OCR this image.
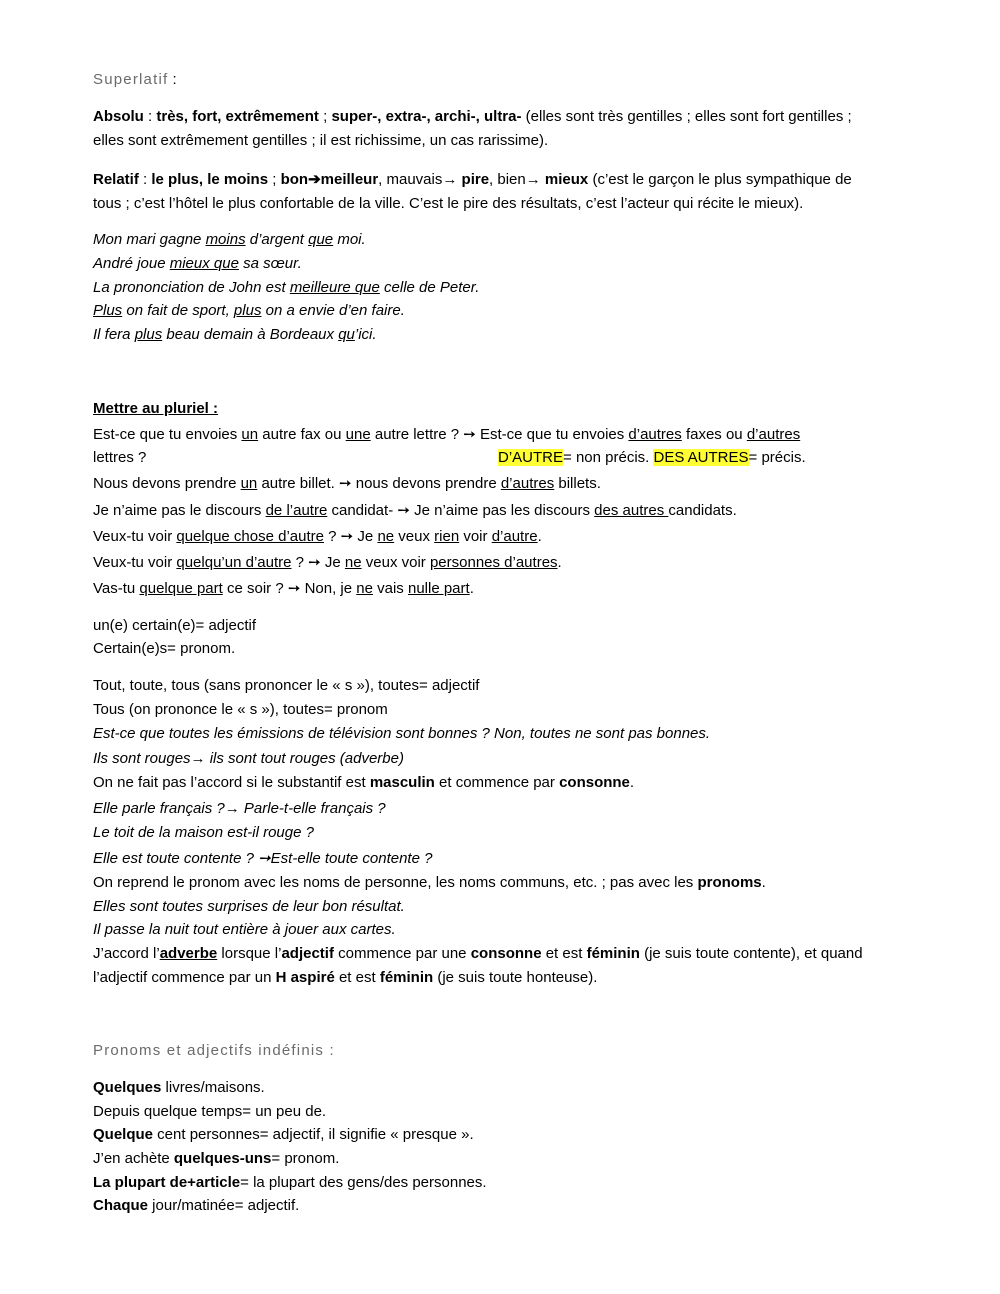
Superlatif :
Absolu : très, fort, extrêmement ; super-, extra-, archi-, ultra- (elles sont très gentilles ; elles sont fort gentilles ;
elles sont extrêmement gentilles ; il est richissime, un cas rarissime).
Relatif : le plus, le moins ; bon➔meilleur, mauvais→ pire, bien→ mieux (c’est le garçon le plus sympathique de
tous ; c’est l’hôtel le plus confortable de la ville. C’est le pire des résultats, c’est l’acteur qui récite le mieux).
Mon mari gagne moins d’argent que moi.
André joue mieux que sa sœur.
La prononciation de John est meilleure que celle de Peter.
Plus on fait de sport, plus on a envie d’en faire.
Il fera plus beau demain à Bordeaux qu’ici.
Mettre au pluriel :
Est-ce que tu envoies un autre fax ou une autre lettre ? ➙ Est-ce que tu envoies d’autres faxes ou d’autres
lettres ?	D’AUTRE= non précis. DES AUTRES= précis.
Nous devons prendre un autre billet. ➙ nous devons prendre d’autres billets.
Je n’aime pas le discours de l’autre candidat- ➙ Je n’aime pas les discours des autres candidats.
Veux-tu voir quelque chose d’autre ? ➙ Je ne veux rien voir d’autre.
Veux-tu voir quelqu’un d’autre ? ➙ Je ne veux voir personnes d’autres.
Vas-tu quelque part ce soir ? ➙ Non, je ne vais nulle part.
un(e) certain(e)= adjectif
Certain(e)s= pronom.
Tout, toute, tous (sans prononcer le « s »), toutes= adjectif
Tous (on prononce le « s »), toutes= pronom
Est-ce que toutes les émissions de télévision sont bonnes ? Non, toutes ne sont pas bonnes.
Ils sont rouges→ ils sont tout rouges (adverbe)
On ne fait pas l’accord si le substantif est masculin et commence par consonne.
Elle parle français ?→ Parle-t-elle français ?
Le toit de la maison est-il rouge ?
Elle est toute contente ? ➙Est-elle toute contente ?
On reprend le pronom avec les noms de personne, les noms communs, etc. ; pas avec les pronoms.
Elles sont toutes surprises de leur bon résultat.
Il passe la nuit tout entière à jouer aux cartes.
J’accord l’adverbe lorsque l’adjectif commence par une consonne et est féminin (je suis toute contente), et quand
l’adjectif commence par un H aspiré et est féminin (je suis toute honteuse).
Pronoms et adjectifs indéfinis :
Quelques livres/maisons.
Depuis quelque temps= un peu de.
Quelque cent personnes= adjectif, il signifie « presque ».
J’en achète quelques-uns= pronom.
La plupart de+article= la plupart des gens/des personnes.
Chaque jour/matinée= adjectif.
